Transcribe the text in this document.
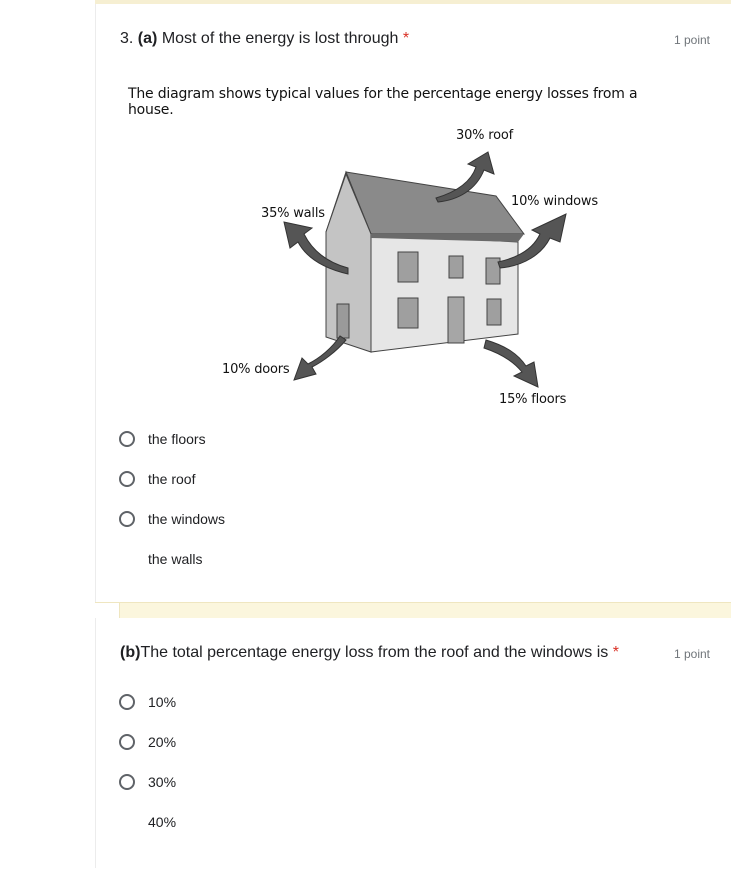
3. (a) Most of the energy is lost through *	1 point
The diagram shows typical values for the percentage energy losses from a house.
30% roof
10% windows
35% walls
10% doors
15% floors
the floors
the roof
the windows
the walls
(b)The total percentage energy loss from the roof and the windows is *	1 point
10%
20%
30%
40%
